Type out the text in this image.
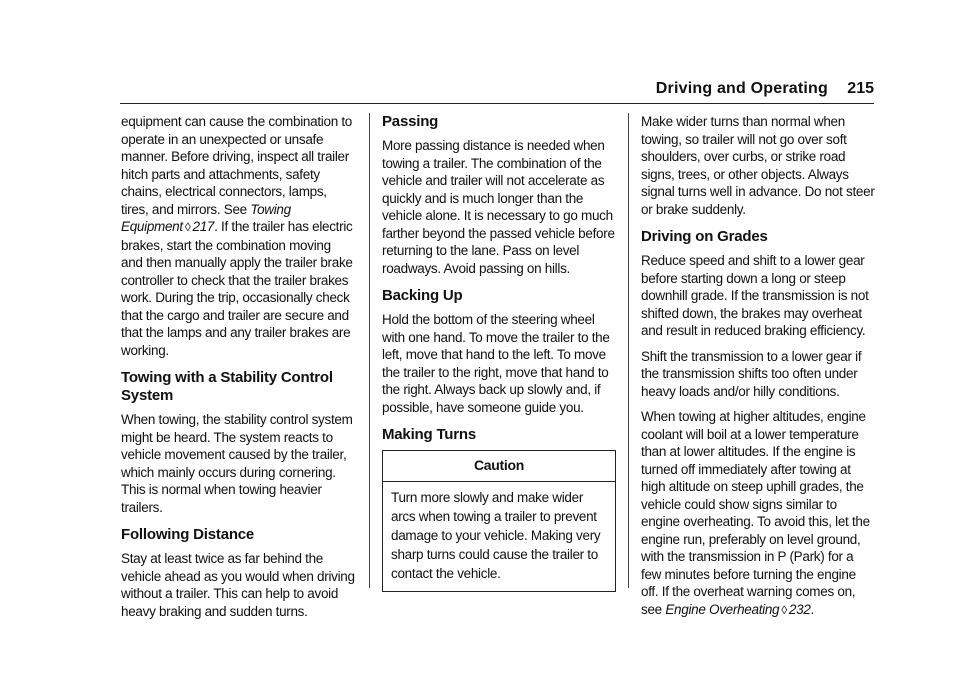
Driving and Operating 215

equipment can cause the combination to operate in an unexpected or unsafe manner. Before driving, inspect all trailer hitch parts and attachments, safety chains, electrical connectors, lamps, tires, and mirrors. See Towing Equipment ◊ 217. If the trailer has electric brakes, start the combination moving and then manually apply the trailer brake controller to check that the trailer brakes work. During the trip, occasionally check that the cargo and trailer are secure and that the lamps and any trailer brakes are working.

Towing with a Stability Control System

When towing, the stability control system might be heard. The system reacts to vehicle movement caused by the trailer, which mainly occurs during cornering. This is normal when towing heavier trailers.

Following Distance

Stay at least twice as far behind the vehicle ahead as you would when driving without a trailer. This can help to avoid heavy braking and sudden turns.

Passing

More passing distance is needed when towing a trailer. The combination of the vehicle and trailer will not accelerate as quickly and is much longer than the vehicle alone. It is necessary to go much farther beyond the passed vehicle before returning to the lane. Pass on level roadways. Avoid passing on hills.

Backing Up

Hold the bottom of the steering wheel with one hand. To move the trailer to the left, move that hand to the left. To move the trailer to the right, move that hand to the right. Always back up slowly and, if possible, have someone guide you.

Making Turns
Caution
Turn more slowly and make wider arcs when towing a trailer to prevent damage to your vehicle. Making very sharp turns could cause the trailer to contact the vehicle.

Make wider turns than normal when towing, so trailer will not go over soft shoulders, over curbs, or strike road signs, trees, or other objects. Always signal turns well in advance. Do not steer or brake suddenly.

Driving on Grades

Reduce speed and shift to a lower gear before starting down a long or steep downhill grade. If the transmission is not shifted down, the brakes may overheat and result in reduced braking efficiency.

Shift the transmission to a lower gear if the transmission shifts too often under heavy loads and/or hilly conditions.

When towing at higher altitudes, engine coolant will boil at a lower temperature than at lower altitudes. If the engine is turned off immediately after towing at high altitude on steep uphill grades, the vehicle could show signs similar to engine overheating. To avoid this, let the engine run, preferably on level ground, with the transmission in P (Park) for a few minutes before turning the engine off. If the overheat warning comes on, see Engine Overheating ◊ 232.
